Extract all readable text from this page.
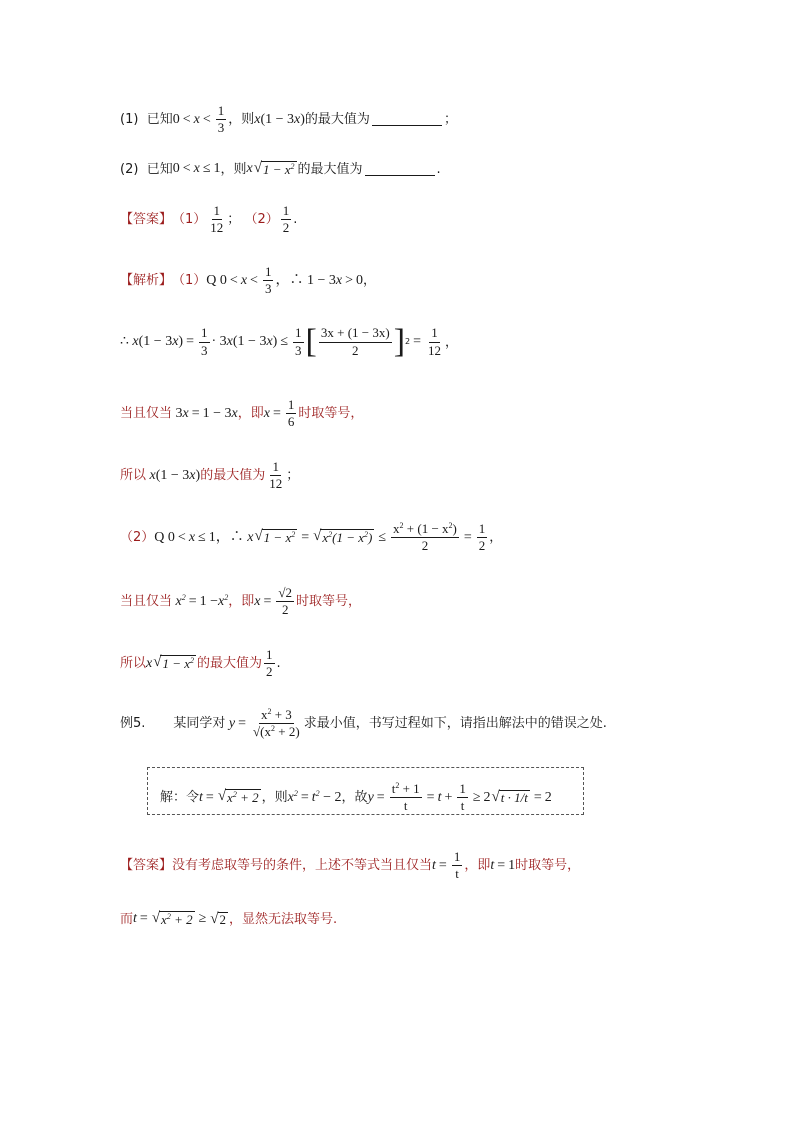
(1)
已知 $0 < x < \frac{1}{3}$ ，则 x (1 − 3 x ) 的最大值为	；
(2)
已知 0 < x ≤ 1 ，则 x √ $1 - x^2$ 的最大值为	.
【答案】 $(1) \frac{1}{12}$ ；
$(2) \frac{1}{2}$ .
【解析】 （1） Q $0 < x < \frac{1}{3}$ ，∴ 1 − 3 x > 0 ，
∴ x (1 − 3 x ) = $\frac{1}{3} \cdot 3$ x (1 − 3 x ) ≤ $\frac{1}{3}$ [ $\frac{3x + (1 - 3x)}{2}$ ] $2 = \frac{1}{12}$ ，
当且仅当 3 x = 1 − 3 x ，即 $x = \frac{1}{6}$ 时取等号，
所以 x (1 − 3 x ) 的最大值为 $\frac{1}{12}$ ；
（2） Q 0 < x ≤ 1，∴ x √ $1 - x^2$ = √ $x^2(1 - x^2) \le \frac{x^2 + (1 - x^2)}{2} = \frac{1}{2}$ ，
当且仅当 $x^2 = 1 - x^2$ ，即 $x = \frac{√2}{2}$ 时取等号，
所以 x √ $1 - x^2$ 的最大值为 $\frac{1}{2}$ .
例5. 某同学对 $y = \frac{x^2 + 3}{√(x^2 + 2)}$ 求最小值，书写过程如下，请指出解法中的错误之处.
解：令 t = √ $x^2 + 2$ ，则 $x^2 = t^2 - 2$ ，故 $y = \frac{t^2 + 1}{t} = t + \frac{1}{t} \ge 2$ √ t · 1/t = 2
【答案】 没有考虑取等号的条件，上述不等式当且仅当 $t = \frac{1}{t}$ ，即 t = 1 时取等号，
而 t = √ $x^2 + 2$ ≥ √ 2 ，显然无法取等号.
